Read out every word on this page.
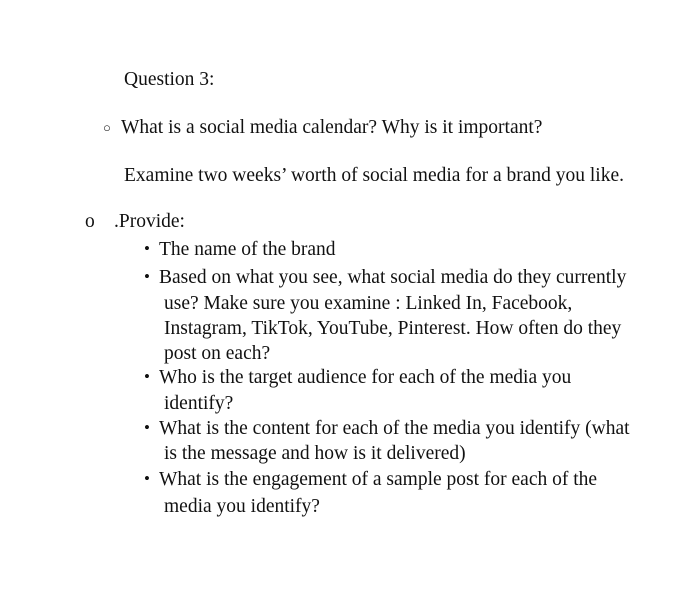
Question 3:
○ What is a social media calendar? Why is it important?
Examine two weeks’ worth of social media for a brand you like.
o .Provide:
• The name of the brand
• Based on what you see, what social media do they currently
use? Make sure you examine : Linked In, Facebook,
Instagram, TikTok, YouTube, Pinterest. How often do they
post on each?
• Who is the target audience for each of the media you
identify?
• What is the content for each of the media you identify (what
is the message and how is it delivered)
• What is the engagement of a sample post for each of the
media you identify?
